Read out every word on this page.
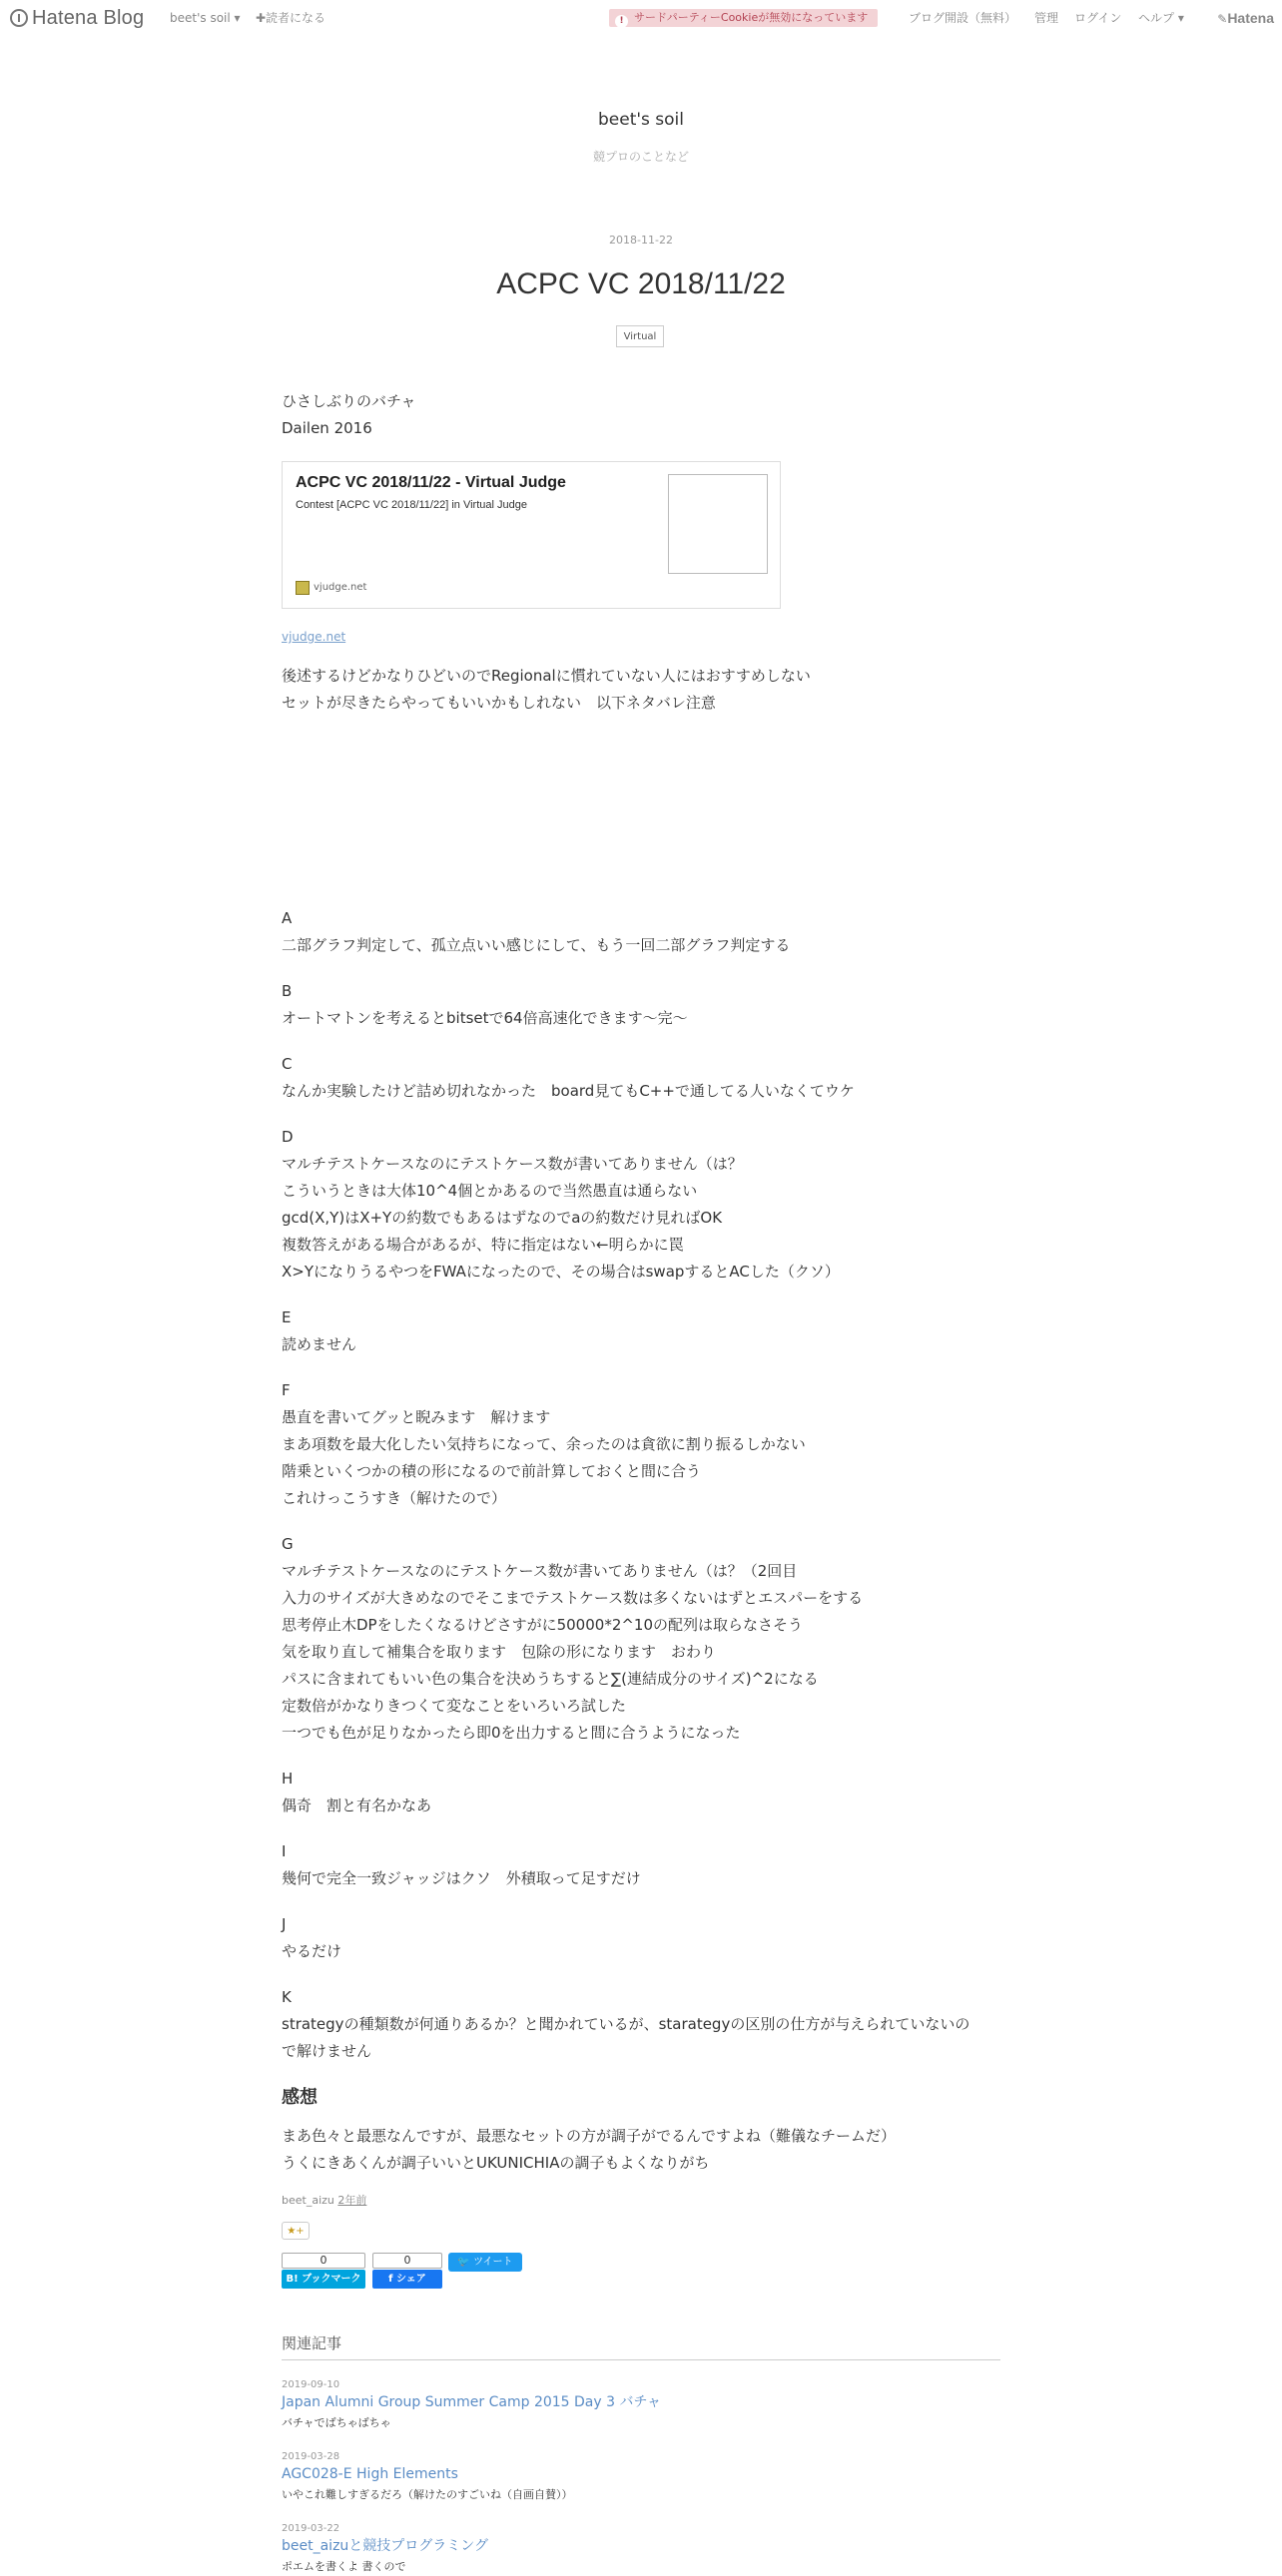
Hatena Blog beet's soil ▾ ✚読者になる	! サードパーティーCookieが無効になっています	ブログ開設（無料） 管理 ログイン ヘルプ ▾	✎Hatena
beet's soil
競プロのことなど
2018-11-22
ACPC VC 2018/11/22
Virtual

ひさしぶりのバチャ
Dailen 2016

ACPC VC 2018/11/22 - Virtual Judge
Contest [ACPC VC 2018/11/22] in Virtual Judge
vjudge.net

vjudge.net

後述するけどかなりひどいのでRegionalに慣れていない人にはおすすめしない
セットが尽きたらやってもいいかもしれない　以下ネタバレ注意

A
二部グラフ判定して、孤立点いい感じにして、もう一回二部グラフ判定する

B
オートマトンを考えるとbitsetで64倍高速化できます〜完〜

C
なんか実験したけど詰め切れなかった　board見てもC++で通してる人いなくてウケ

D
マルチテストケースなのにテストケース数が書いてありません（は？
こういうときは大体10^4個とかあるので当然愚直は通らない
gcd(X,Y)はX+Yの約数でもあるはずなのでaの約数だけ見ればOK
複数答えがある場合があるが、特に指定はない←明らかに罠
X>YになりうるやつをFWAになったので、その場合はswapするとACした（クソ）

E
読めません

F
愚直を書いてグッと睨みます　解けます
まあ項数を最大化したい気持ちになって、余ったのは貪欲に割り振るしかない
階乗といくつかの積の形になるので前計算しておくと間に合う
これけっこうすき（解けたので）

G
マルチテストケースなのにテストケース数が書いてありません（は？（2回目
入力のサイズが大きめなのでそこまでテストケース数は多くないはずとエスパーをする
思考停止木DPをしたくなるけどさすがに50000*2^10の配列は取らなさそう
気を取り直して補集合を取ります　包除の形になります　おわり
パスに含まれてもいい色の集合を決めうちすると∑(連結成分のサイズ)^2になる
定数倍がかなりきつくて変なことをいろいろ試した
一つでも色が足りなかったら即0を出力すると間に合うようになった

H
偶奇　割と有名かなあ

I
幾何で完全一致ジャッジはクソ　外積取って足すだけ

J
やるだけ

K
strategyの種類数が何通りあるか？と聞かれているが、starategyの区別の仕方が与えられていないの
で解けません

感想

まあ色々と最悪なんですが、最悪なセットの方が調子がでるんですよね（難儀なチームだ）
うくにきあくんが調子いいとUKUNICHIAの調子もよくなりがち

beet_aizu 2年前
★+
0
B! ブックマーク
0
f シェア
🐦 ツイート
関連記事
2019-09-10
Japan Alumni Group Summer Camp 2015 Day 3 バチャ
バチャでばちゃばちゃ
2019-03-28
AGC028-E High Elements
いやこれ難しすぎるだろ（解けたのすごいね（自画自賛））
2019-03-22
beet_aizuと競技プログラミング
ポエムを書くよ 書くので
